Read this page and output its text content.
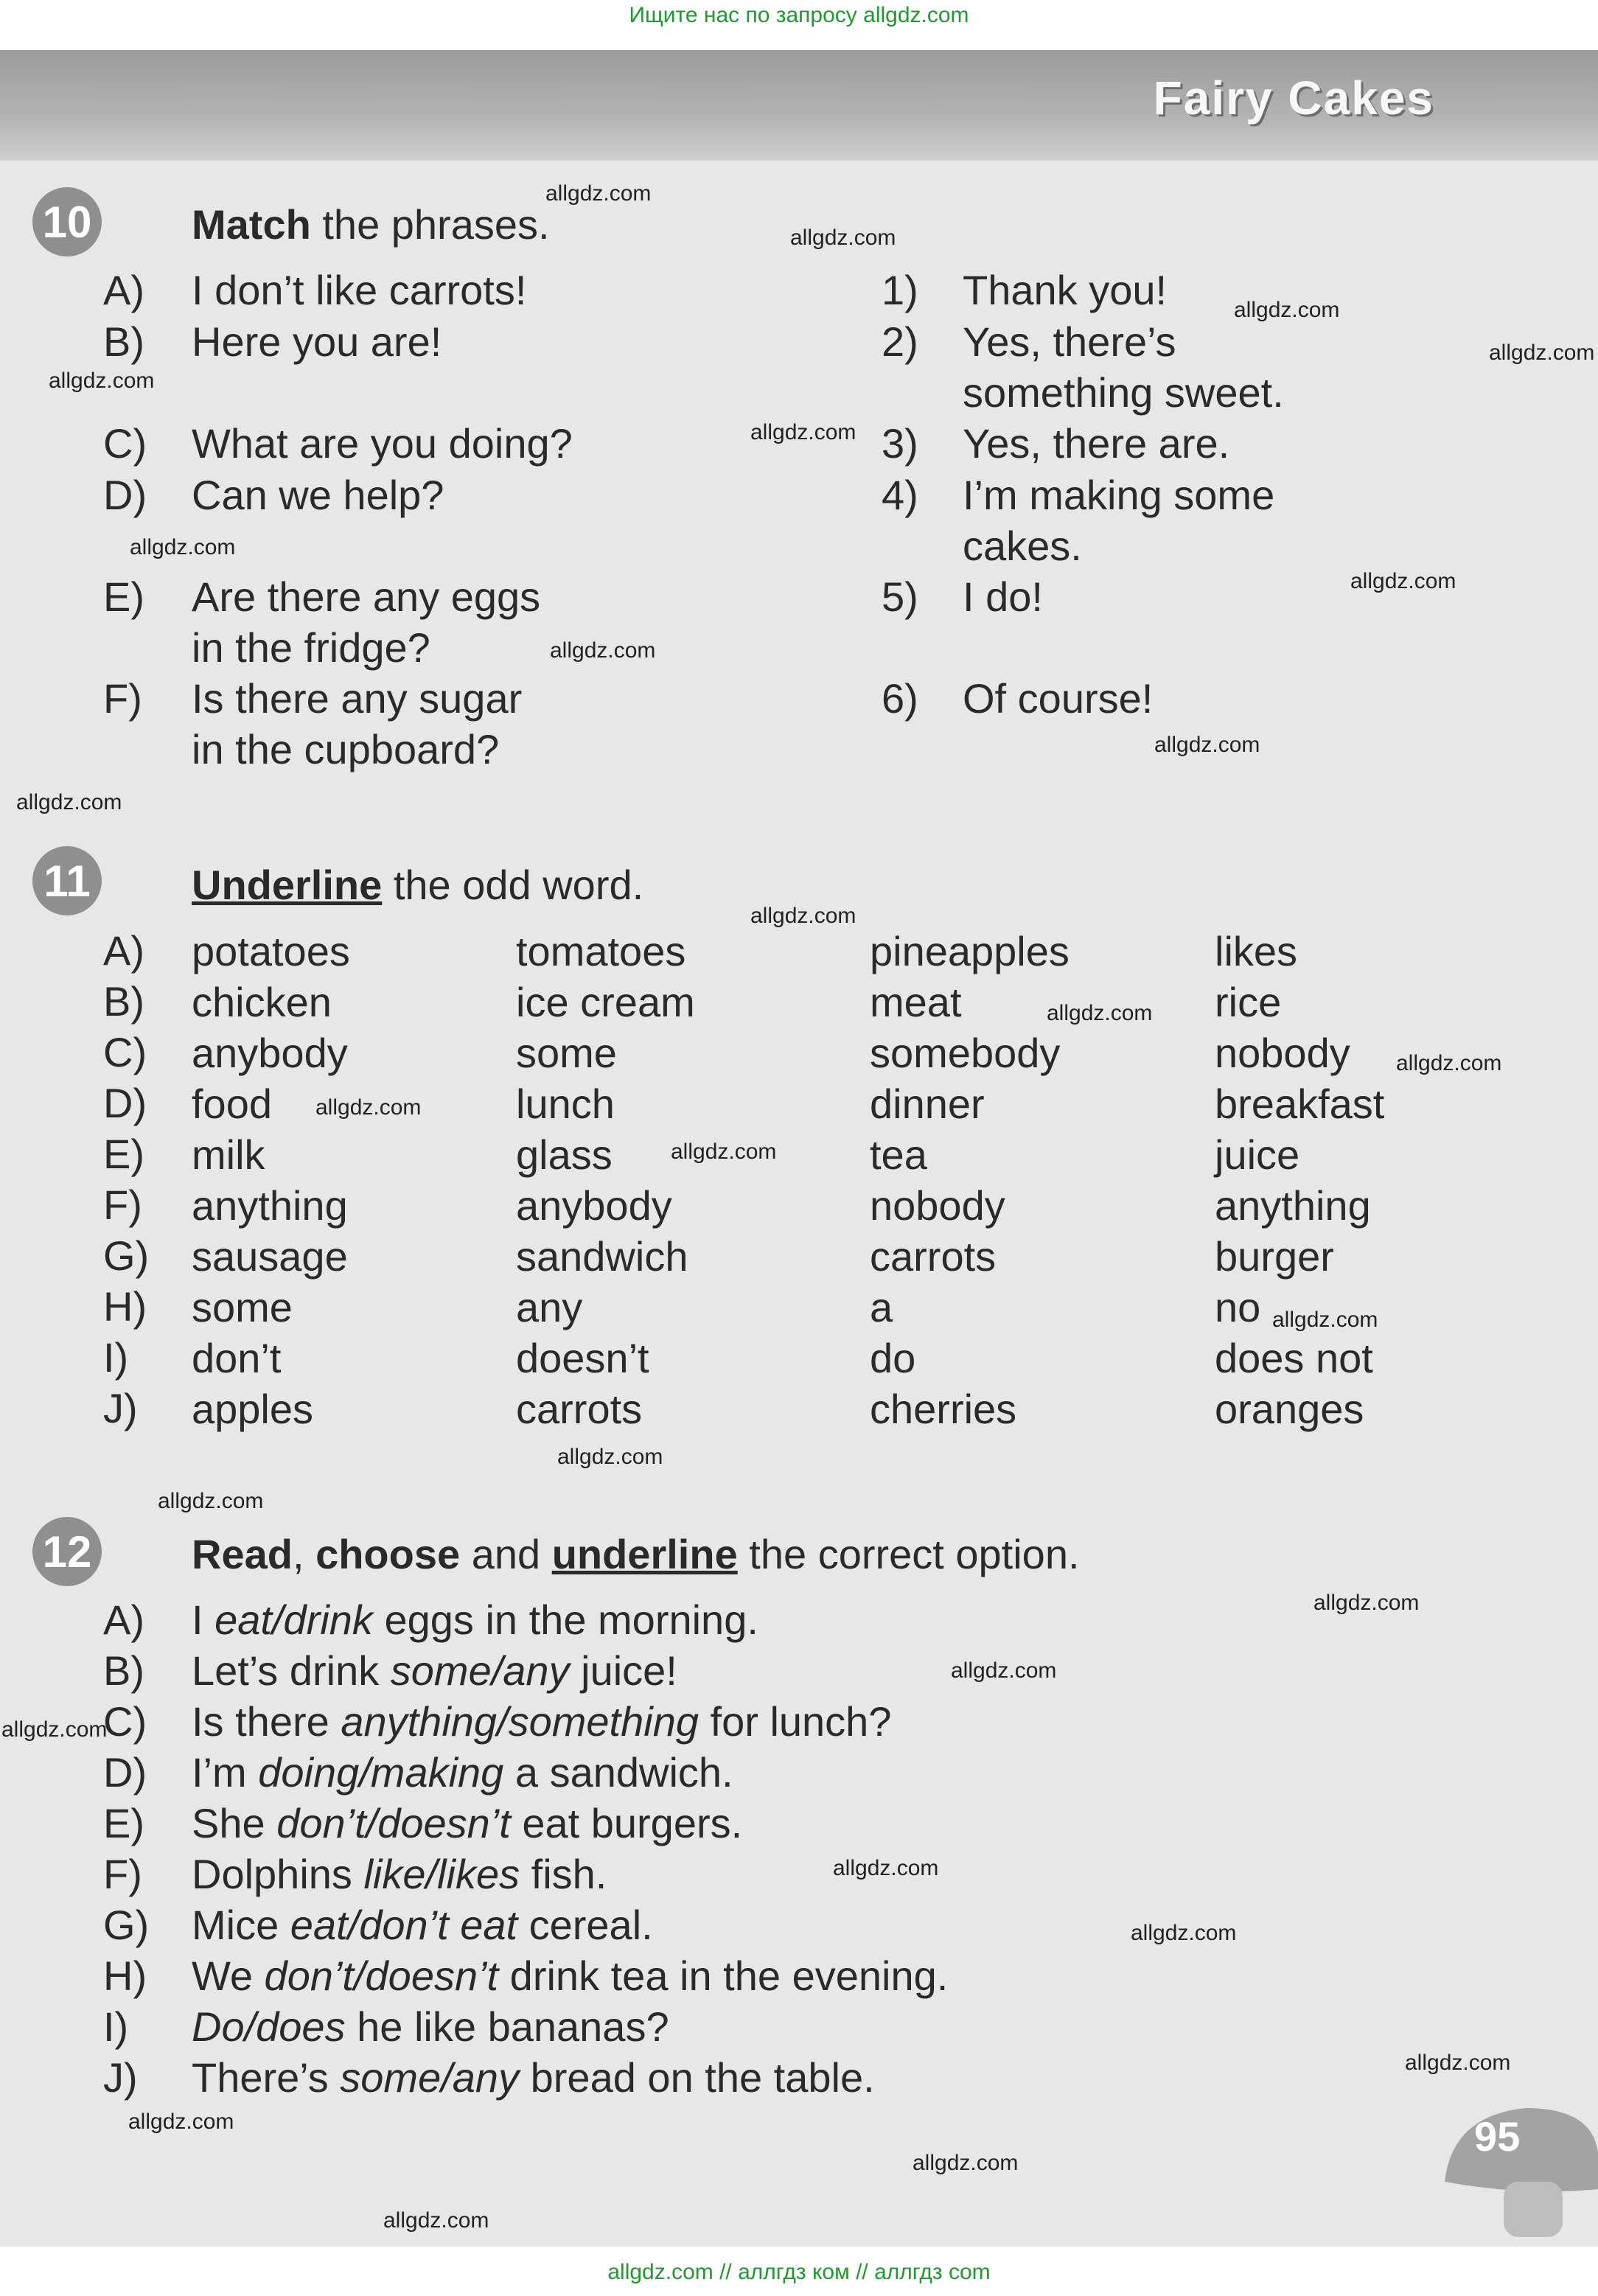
Ищите нас по запросу allgdz.com
Fairy Cakes
10 Match the phrases.
A) I don’t like carrots!
B) Here you are!
C) What are you doing?
D) Can we help?
E) Are there any eggs
in the fridge?
F) Is there any sugar
in the cupboard?
1) Thank you!
2) Yes, there’s
something sweet.
3) Yes, there are.
4) I’m making some
cakes.
5) I do!
6) Of course!
11 Underline the odd word.
A) potatoes	tomatoes	pineapples	likes
B) chicken	ice cream	meat	rice
C) anybody	some	somebody	nobody
D) food	lunch	dinner	breakfast
E) milk	glass	tea	juice
F) anything	anybody	nobody	anything
G) sausage	sandwich	carrots	burger
H) some	any	a	no
I) don’t	doesn’t	do	does not
J) apples	carrots	cherries	oranges
12 Read, choose and underline the correct option.
A) I eat/drink eggs in the morning.
B) Let’s drink some/any juice!
C) Is there anything/something for lunch?
D) I’m doing/making a sandwich.
E) She don’t/doesn’t eat burgers.
F) Dolphins like/likes fish.
G) Mice eat/don’t eat cereal.
H) We don’t/doesn’t drink tea in the evening.
I) Do/does he like bananas?
J) There’s some/any bread on the table.
95
allgdz.com
allgdz.com
allgdz.com
allgdz.com
allgdz.com
allgdz.com
allgdz.com
allgdz.com
allgdz.com
allgdz.com
allgdz.com
allgdz.com
allgdz.com
allgdz.com
allgdz.com
allgdz.com
allgdz.com
allgdz.com
allgdz.com
allgdz.com
allgdz.com
allgdz.com
allgdz.com
allgdz.com
allgdz.com
allgdz.com
allgdz.com
allgdz.com
allgdz.com // аллгдз ком // аллгдз com
